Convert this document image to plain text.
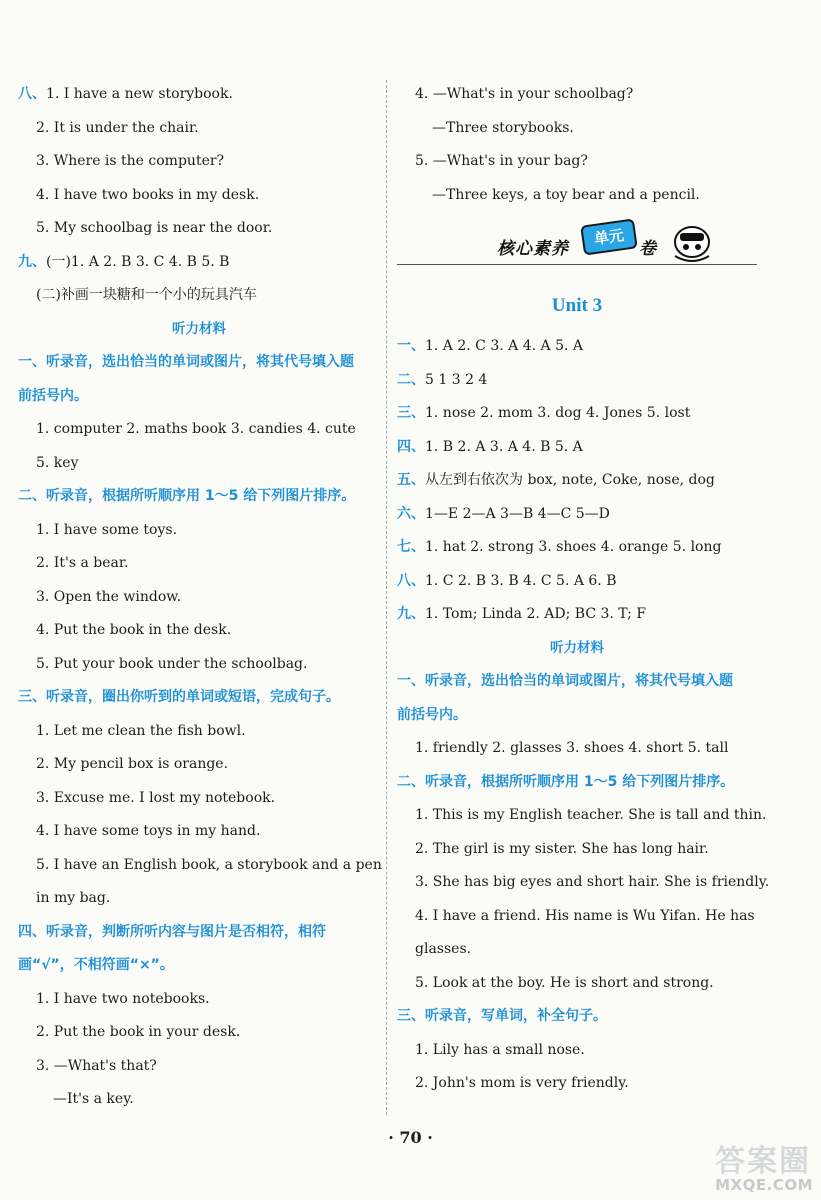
八、1. I have a new storybook.
2. It is under the chair.
3. Where is the computer?
4. I have two books in my desk.
5. My schoolbag is near the door.
九、(一)1. A 2. B 3. C 4. B 5. B
(二)补画一块糖和一个小的玩具汽车
听力材料
一、听录音，选出恰当的单词或图片，将其代号填入题
前括号内。
1. computer 2. maths book 3. candies 4. cute
5. key
二、听录音，根据所听顺序用 1～5 给下列图片排序。
1. I have some toys.
2. It's a bear.
3. Open the window.
4. Put the book in the desk.
5. Put your book under the schoolbag.
三、听录音，圈出你听到的单词或短语，完成句子。
1. Let me clean the fish bowl.
2. My pencil box is orange.
3. Excuse me. I lost my notebook.
4. I have some toys in my hand.
5. I have an English book, a storybook and a pen
in my bag.
四、听录音，判断所听内容与图片是否相符，相符
画“√”，不相符画“×”。
1. I have two notebooks.
2. Put the book in your desk.
3. —What's that?
—It's a key.
4. —What's in your schoolbag?
—Three storybooks.
5. —What's in your bag?
—Three keys, a toy bear and a pencil.
核心素养
单元
卷
Unit 3
一、1. A 2. C 3. A 4. A 5. A
二、5 1 3 2 4
三、1. nose 2. mom 3. dog 4. Jones 5. lost
四、1. B 2. A 3. A 4. B 5. A
五、从左到右依次为 box, note, Coke, nose, dog
六、1—E 2—A 3—B 4—C 5—D
七、1. hat 2. strong 3. shoes 4. orange 5. long
八、1. C 2. B 3. B 4. C 5. A 6. B
九、1. Tom; Linda 2. AD; BC 3. T; F
听力材料
一、听录音，选出恰当的单词或图片，将其代号填入题
前括号内。
1. friendly 2. glasses 3. shoes 4. short 5. tall
二、听录音，根据所听顺序用 1～5 给下列图片排序。
1. This is my English teacher. She is tall and thin.
2. The girl is my sister. She has long hair.
3. She has big eyes and short hair. She is friendly.
4. I have a friend. His name is Wu Yifan. He has
glasses.
5. Look at the boy. He is short and strong.
三、听录音，写单词，补全句子。
1. Lily has a small nose.
2. John's mom is very friendly.
· 70 ·
答案圈
MXQE.COM
